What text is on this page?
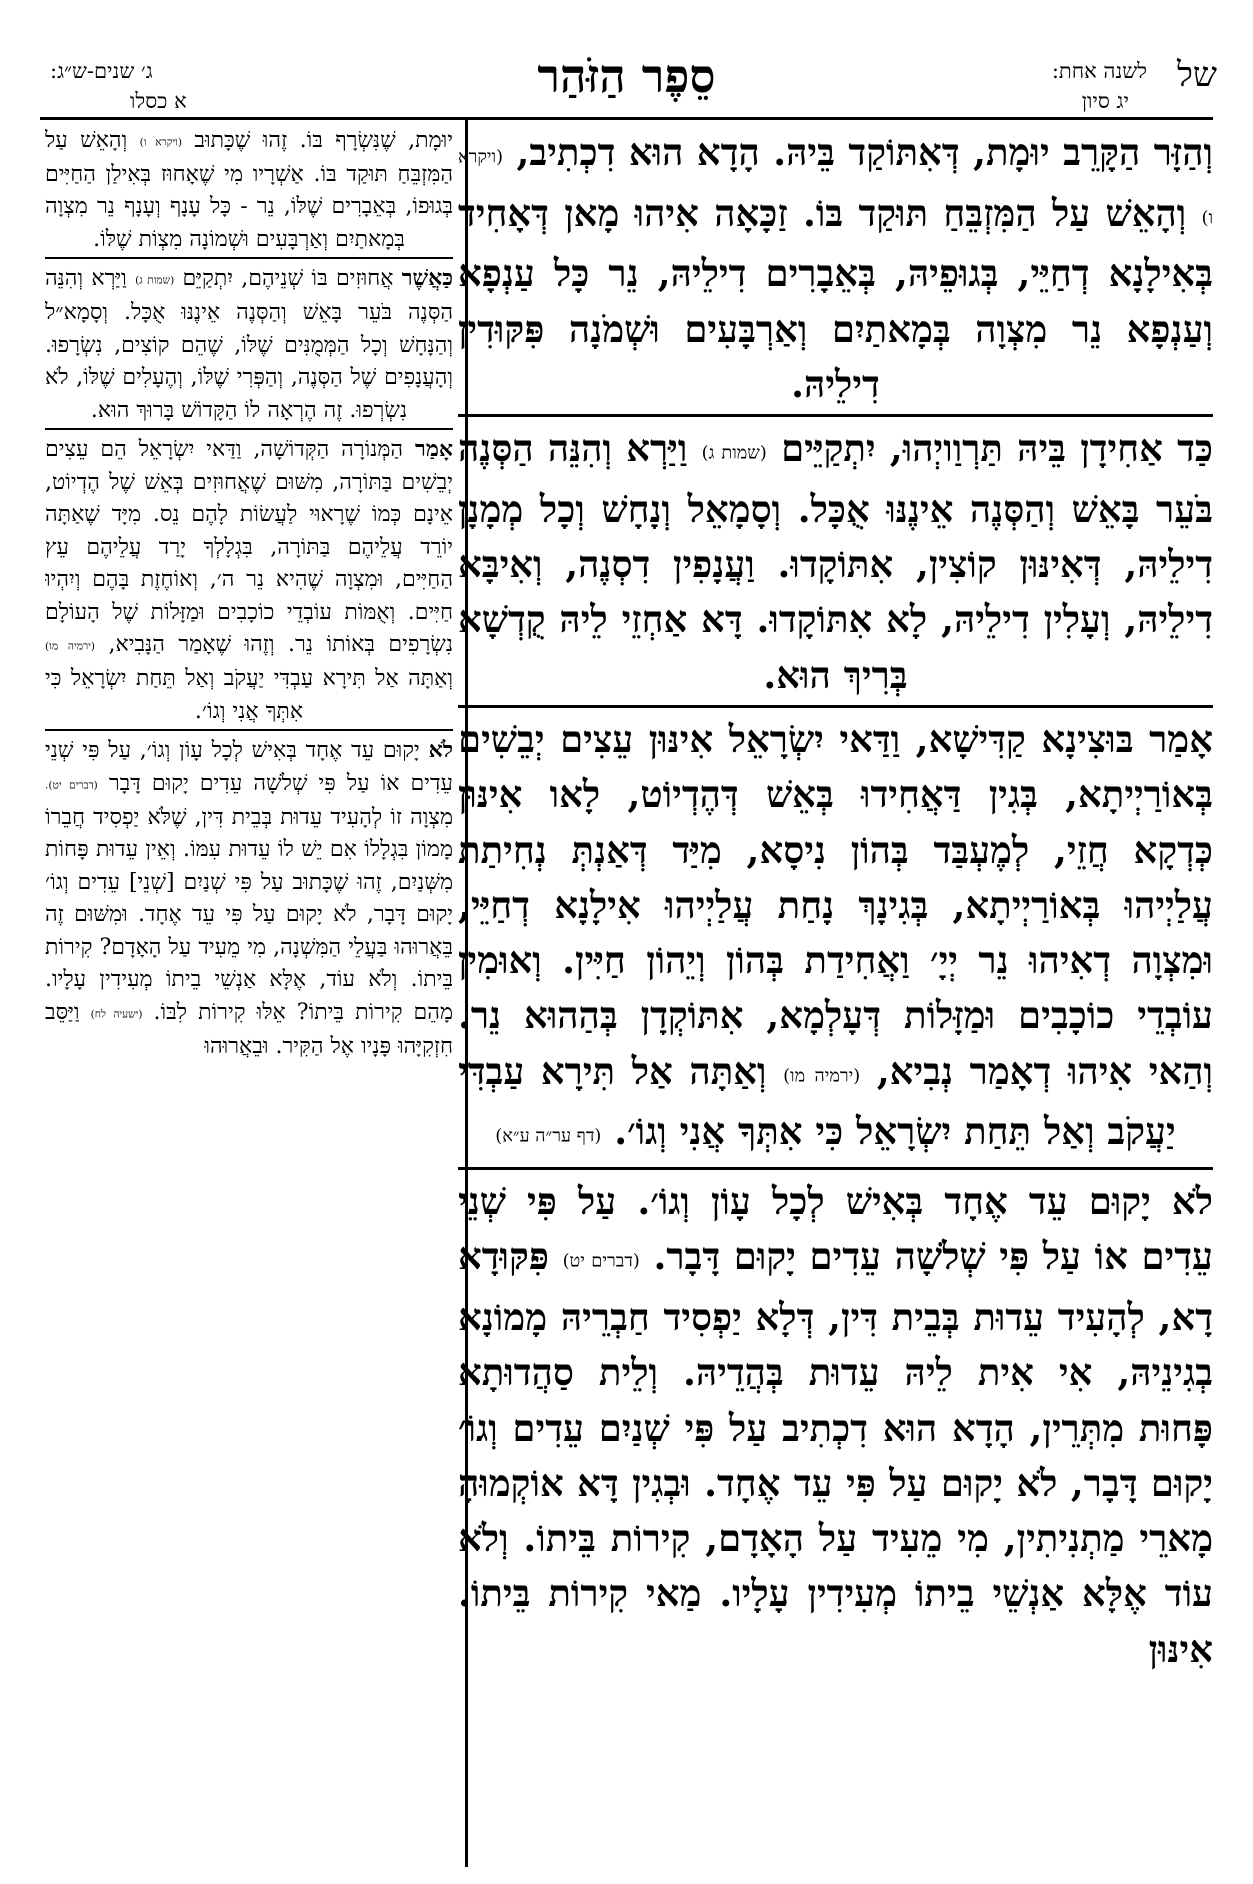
של
לשנה אחת:
יג סיון
סֵפֶר הַזֹּהַר
ג׳ שנים-ש״ג:
א כסלו

וְהַזָּר הַקָּרֵב יוּמָת, דְּאִתּוֹקַד בֵּיהּ. הָדָא הוּא דִכְתִיב, (ויקרא ו) וְהָאֵשׁ עַל הַמִּזְבֵּחַ תּוּקַד בּוֹ. זַכָּאָה אִיהוּ מָאן דְּאָחִיד בְּאִילָנָא דְחַיֵּי, בְּגוּפֵיהּ, בְּאֵבָרִים דִילֵיהּ, נֵר כָּל עַנְפָא וְעַנְפָא נֵר מִצְוָה בְּמָאתַיִם וְאַרְבָּעִים וּשְׁמֹנָה פִּקּוּדִין דִילֵיהּ.

כַּד אַחִידָן בֵּיהּ תַּרְוַויְהוּ, יִתְקַיֵּים (שמות ג) וַיַּרְא וְהִנֵּה הַסְּנֶה בֹּעֵר בָּאֵשׁ וְהַסְּנֶה אֵינֶנּוּ אֻכָּל. וְסָמָאֵל וְנָחָשׁ וְכָל מְמָנָן דִילֵיהּ, דְּאִינּוּן קוֹצִין, אִתּוֹקָדוּ. וַעֲנָפִין דִסְנֶה, וְאִיבָּא דִילֵיהּ, וְעָלִין דִילֵיהּ, לָא אִתּוֹקָדוּ. דָּא אַחְזֵי לֵיהּ קֻדְשָׁא בְּרִיךְ הוּא.

אָמַר בּוּצִינָא קַדִּישָׁא, וַדַּאי יִשְׂרָאֵל אִינּוּן עֵצִים יְבֵשִׁים בְּאוֹרַיְיתָא, בְּגִין דַּאֲחִידוּ בְּאֵשׁ דְּהֶדְיוֹט, לָאו אִינּוּן כְּדְקָא חֲזֵי, לְמֶעְבַּד בְּהוֹן נִיסָא, מִיַּד דְּאַנְתְּ נְחִיתַת עֲלַיְיהוּ בְּאוֹרַיְיתָא, בְּגִינָךְ נָחַת עֲלַיְיהוּ אִילָנָא דְחַיֵּי, וּמִצְוָה דְאִיהוּ נֵר יְיָ׳ וַאֲחִידַת בְּהוֹן וְיֵהוֹן חַיִּין. וְאוּמִין עוֹבְדֵי כוֹכָבִים וּמַזָּלוֹת דְּעָלְמָא, אִתּוֹקְדָן בְּהַהוּא נֵר. וְהַאי אִיהוּ דְאָמַר נְבִיא, (ירמיה מו) וְאַתָּה אַל תִּירָא עַבְדִּי יַעֲקֹב וְאַל תֵּחַת יִשְׂרָאֵל כִּי אִתְּךָ אֲנִי וְגוֹ׳. (דף ער״ה ע״א)

לֹא יָקוּם עֵד אֶחָד בְּאִישׁ לְכָל עָוֹן וְגוֹ׳. עַל פִּי שְׁנֵי עֵדִים אוֹ עַל פִּי שְׁלֹשָׁה עֵדִים יָקוּם דָּבָר. (דברים יט) פִּקּוּדָא דָא, לְהָעִיד עֵדוּת בְּבֵית דִּין, דְּלָא יַפְסִיד חַבְרֵיהּ מָמוֹנָא בְגִינֵיהּ, אִי אִית לֵיהּ עֵדוּת בְּהֲדֵיהּ. וְלֵית סַהֲדוּתָא פָּחוּת מִתְּרֵין, הָדָא הוּא דִכְתִיב עַל פִּי שְׁנַיִם עֵדִים וְגוֹ׳ יָקוּם דָּבָר, לֹא יָקוּם עַל פִּי עֵד אֶחָד. וּבְגִין דָּא אוֹקְמוּהָ מָארֵי מַתְנִיתִין, מִי מֵעִיד עַל הָאָדָם, קִירוֹת בֵּיתוֹ. וְלֹא עוֹד אֶלָּא אַנְשֵׁי בֵיתוֹ מְעִידִין עָלָיו. מַאי קִירוֹת בֵּיתוֹ. אִינּוּן

יוּמָת, שֶׁנִּשְׂרָף בּוֹ. זֶהוּ שֶׁכָּתוּב (ויקרא ו) וְהָאֵשׁ עַל הַמִּזְבֵּחַ תּוּקַד בּוֹ. אַשְׁרָיו מִי שֶׁאָחוּז בְּאִילַן הַחַיִּים בְּגוּפוֹ, בְּאֵבָרִים שֶׁלּוֹ, נֵר - כָּל עָנָף וְעָנָף נֵר מִצְוָה בְּמָאתַיִם וְאַרְבָּעִים וּשְׁמוֹנָה מִצְוֹת שֶׁלּוֹ.

כַּאֲשֶׁר אֲחוּזִים בּוֹ שְׁנֵיהֶם, יִתְקַיֵּם (שמות ג) וַיַּרְא וְהִנֵּה הַסְּנֶה בֹּעֵר בָּאֵשׁ וְהַסְּנֶה אֵינֶנּוּ אֻכָּל. וְסָמָא״ל וְהַנָּחָשׁ וְכָל הַמְּמֻנִּים שֶׁלּוֹ, שֶׁהֵם קוֹצִים, נִשְׂרָפוּ. וְהָעֲנָפִים שֶׁל הַסְּנֶה, וְהַפְּרִי שֶׁלּוֹ, וְהֶעָלִים שֶׁלּוֹ, לֹא נִשְׂרְפוּ. זֶה הֶרְאָה לוֹ הַקָּדוֹשׁ בָּרוּךְ הוּא.

אָמַר הַמְּנוֹרָה הַקְּדוֹשָׁה, וַדַּאי יִשְׂרָאֵל הֵם עֵצִים יְבֵשִׁים בַּתּוֹרָה, מִשּׁוּם שֶׁאֲחוּזִים בְּאֵשׁ שֶׁל הֶדְיוֹט, אֵינָם כְּמוֹ שֶׁרָאוּי לַעֲשׂוֹת לָהֶם נֵס. מִיָּד שֶׁאַתָּה יוֹרֵד עֲלֵיהֶם בַּתּוֹרָה, בִּגְלָלְךָ יָרַד עֲלֵיהֶם עֵץ הַחַיִּים, וּמִצְוָה שֶׁהִיא נֵר ה׳, וְאוֹחֶזֶת בָּהֶם וְיִהְיוּ חַיִּים. וְאֻמּוֹת עוֹבְדֵי כוֹכָבִים וּמַזָּלוֹת שֶׁל הָעוֹלָם נִשְׂרָפִים בְּאוֹתוֹ נֵר. וְזֶהוּ שֶׁאָמַר הַנָּבִיא, (ירמיה מו) וְאַתָּה אַל תִּירָא עַבְדִּי יַעֲקֹב וְאַל תֵּחַת יִשְׂרָאֵל כִּי אִתְּךָ אֲנִי וְגוֹ׳.

לֹא יָקוּם עֵד אֶחָד בְּאִישׁ לְכָל עָוֹן וְגוֹ׳, עַל פִּי שְׁנֵי עֵדִים אוֹ עַל פִּי שְׁלֹשָׁה עֵדִים יָקוּם דָּבָר (דברים יט). מִצְוָה זוֹ לְהָעִיד עֵדוּת בְּבֵית דִּין, שֶׁלֹּא יַפְסִיד חֲבֵרוֹ מָמוֹן בִּגְלָלוֹ אִם יֵשׁ לוֹ עֵדוּת עִמּוֹ. וְאֵין עֵדוּת פָּחוֹת מִשְּׁנַיִם, זֶהוּ שֶׁכָּתוּב עַל פִּי שְׁנַיִם [שְׁנֵי] עֵדִים וְגוֹ׳ יָקוּם דָּבָר, לֹא יָקוּם עַל פִּי עֵד אֶחָד. וּמִשּׁוּם זֶה בֵּאֲרוּהוּ בַּעֲלֵי הַמִּשְׁנָה, מִי מֵעִיד עַל הָאָדָם? קִירוֹת בֵּיתוֹ. וְלֹא עוֹד, אֶלָּא אַנְשֵׁי בֵיתוֹ מְעִידִין עָלָיו. מָהֵם קִירוֹת בֵּיתוֹ? אֵלּוּ קִירוֹת לִבּוֹ. (ישעיה לח) וַיַּסֵּב חִזְקִיָּהוּ פָּנָיו אֶל הַקִּיר. וּבֵאֲרוּהוּ
